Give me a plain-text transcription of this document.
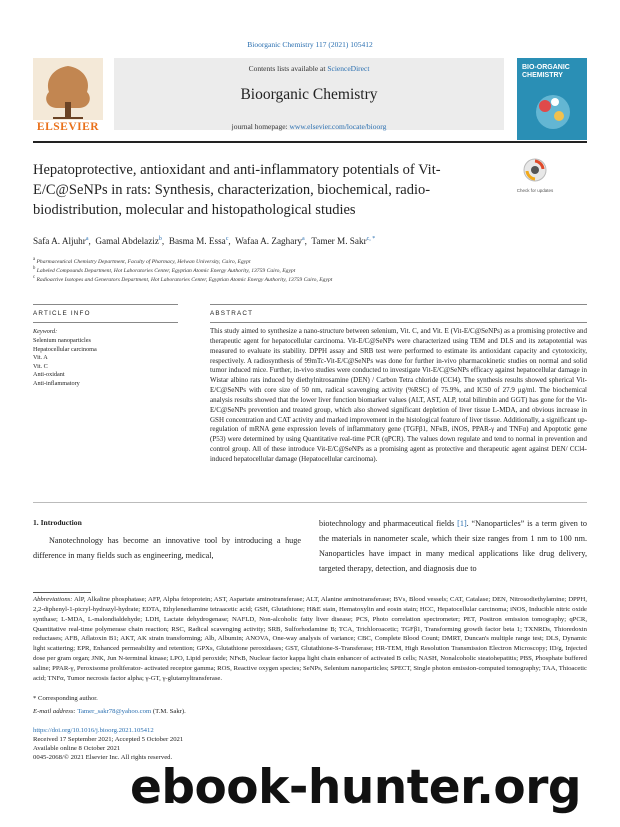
Bioorganic Chemistry 117 (2021) 105412
ELSEVIER
Contents lists available at ScienceDirect
Bioorganic Chemistry
journal homepage: www.elsevier.com/locate/bioorg
BIO-ORGANIC CHEMISTRY
Hepatoprotective, antioxidant and anti-inflammatory potentials of Vit-E/C@SeNPs in rats: Synthesis, characterization, biochemical, radio-biodistribution, molecular and histopathological studies
Check for updates
Safa A. Aljuhr$^a$,  Gamal Abdelaziz$^b$,  Basma M. Essa$^c$,  Wafaa A. Zaghary$^a$,  Tamer M. Sakr$^{c, *}$
$^a$ Pharmaceutical Chemistry Department, Faculty of Pharmacy, Helwan University, Cairo, Egypt
$^b$ Labeled Compounds Department, Hot Laboratories Center, Egyptian Atomic Energy Authority, 13759 Cairo, Egypt
$^c$ Radioactive Isotopes and Generators Department, Hot Laboratories Center, Egyptian Atomic Energy Authority, 13759 Cairo, Egypt
ARTICLE INFO	ABSTRACT
Keyword:
Selenium nanoparticles
Hepatocellular carcinoma
Vit. A
Vit. C
Anti-oxidant
Anti-inflammatory
This study aimed to synthesize a nano-structure between selenium, Vit. C, and Vit. E (Vit-E/C@SeNPs) as a promising protective and therapeutic agent for hepatocellular carcinoma. Vit-E/C@SeNPs were characterized using TEM and DLS and its zetapotential was measured to evaluate its stability. DPPH assay and SRB test were performed to estimate its antioxidant capacity and cytotoxicity, respectively. A radiosynthesis of 99mTc-Vit-E/C@SeNPs was done for further in-vivo pharmacokinetic studies on normal and solid tumor induced mice. Further, in-vivo studies were conducted to investigate Vit-E/C@SeNPs efficacy against hepatocellular damage in Wistar albino rats induced by diethylnitrosamine (DEN) / Carbon Tetra chloride (CCl4). The synthesis results showed spherical Vit-E/C@SeNPs with core size of 50 nm, radical scavenging activity (%RSC) of 75.9%, and IC50 of 27.9 μg/ml. The biochemical analysis results showed that the lower liver function biomarker values (ALT, AST, ALP, total bilirubin and GGT) has gone for the Vit-E/C@SeNPs prevention and treated group, which also showed significant depletion of liver tissue L-MDA, and obvious increase in GSH concentration and CAT activity and marked improvement in the histological feature of liver tissue. Additionally, a significant up-regulation of mRNA gene expression levels of inflammatory gene (TGFβ1, NFκB, iNOS, PPAR-γ and TNFα) and Apoptotic gene (P53) were determined by using Quantitative real-time PCR (qPCR). The values down regulate and tend to normal in prevention and control group. All of these introduce Vit-E/C@SeNPs as a promising agent as protective and therapeutic agent against DEN/ CCl4-induced hepatocellular damage (Hepatocellular carcinoma).
1. Introduction
Nanotechnology has become an innovative tool by introducing a huge difference in many fields such as engineering, medical,
biotechnology and pharmaceutical fields [1]. “Nanoparticles” is a term given to the materials in nanometer scale, which their size ranges from 1 nm to 100 nm. Nanoparticles have impact in many medical applications like drug delivery, targeted therapy, detection, and diagnosis due to
Abbreviations: AlP, Alkaline phosphatase; AFP, Alpha fetoprotein; AST, Aspartate aminotransferase; ALT, Alanine aminotransferase; BVs, Blood vessels; CAT, Catalase; DEN, Nitrosodiethylamine; DPPH, 2,2-diphenyl-1-picryl-hydrazyl-hydrate; EDTA, Ethylenediamine tetraacetic acid; GSH, Glutathione; H&E stain, Hematoxylin and eosin stain; HCC, Hepatocellular carcinoma; iNOS, Inducible nitric oxide synthase; L-MDA, L-malondialdehyde; LDH, Lactate dehydrogenase; NAFLD, Non-alcoholic fatty liver disease; PCS, Photo correlation spectrometer; PET, Positron emission tomography; qPCR, Quantitative real-time polymerase chain reaction; RSC, Radical scavenging activity; SRB, Sulforhodamine B; TCA, Trichloroacetic; TGFβ1, Transforming growth factor beta 1; TXNRDs, Thioredoxin reductases; AFB, Aflatoxin B1; AKT, AK strain transforming; Alb, Albumin; ANOVA, One-way analysis of variance; CBC, Complete Blood Count; DMRT, Duncan's multiple range test; DLS, Dynamic light scattering; EPR, Enhanced permeability and retention; GPXs, Glutathione peroxidases; GST, Glutathione-S-Transferase; HR-TEM, High Resolution Transmission Electron Microscopy; ID/g, Injected dose per gram organ; JNK, Jun N-terminal kinase; LPO, Lipid peroxide; NFκB, Nuclear factor kappa light chain enhancer of activated B cells; NASH, Nonalcoholic steatohepatitis; PBS, Phosphate buffered saline; PPAR-γ, Peroxisome proliferator- activated receptor gamma; ROS, Reactive oxygen species; SeNPs, Selenium nanoparticles; SPECT, Single photon emission-computed tomography; TAA, Thioacetic acid; TNFα, Tumor necrosis factor alpha; γ-GT, γ-glutamyltransferase.
* Corresponding author.
E-mail address: Tamer_sakr78@yahoo.com (T.M. Sakr).
https://doi.org/10.1016/j.bioorg.2021.105412
Received 17 September 2021; Accepted 5 October 2021
Available online 8 October 2021
0045-2068/© 2021 Elsevier Inc. All rights reserved.
ebook-hunter.org
